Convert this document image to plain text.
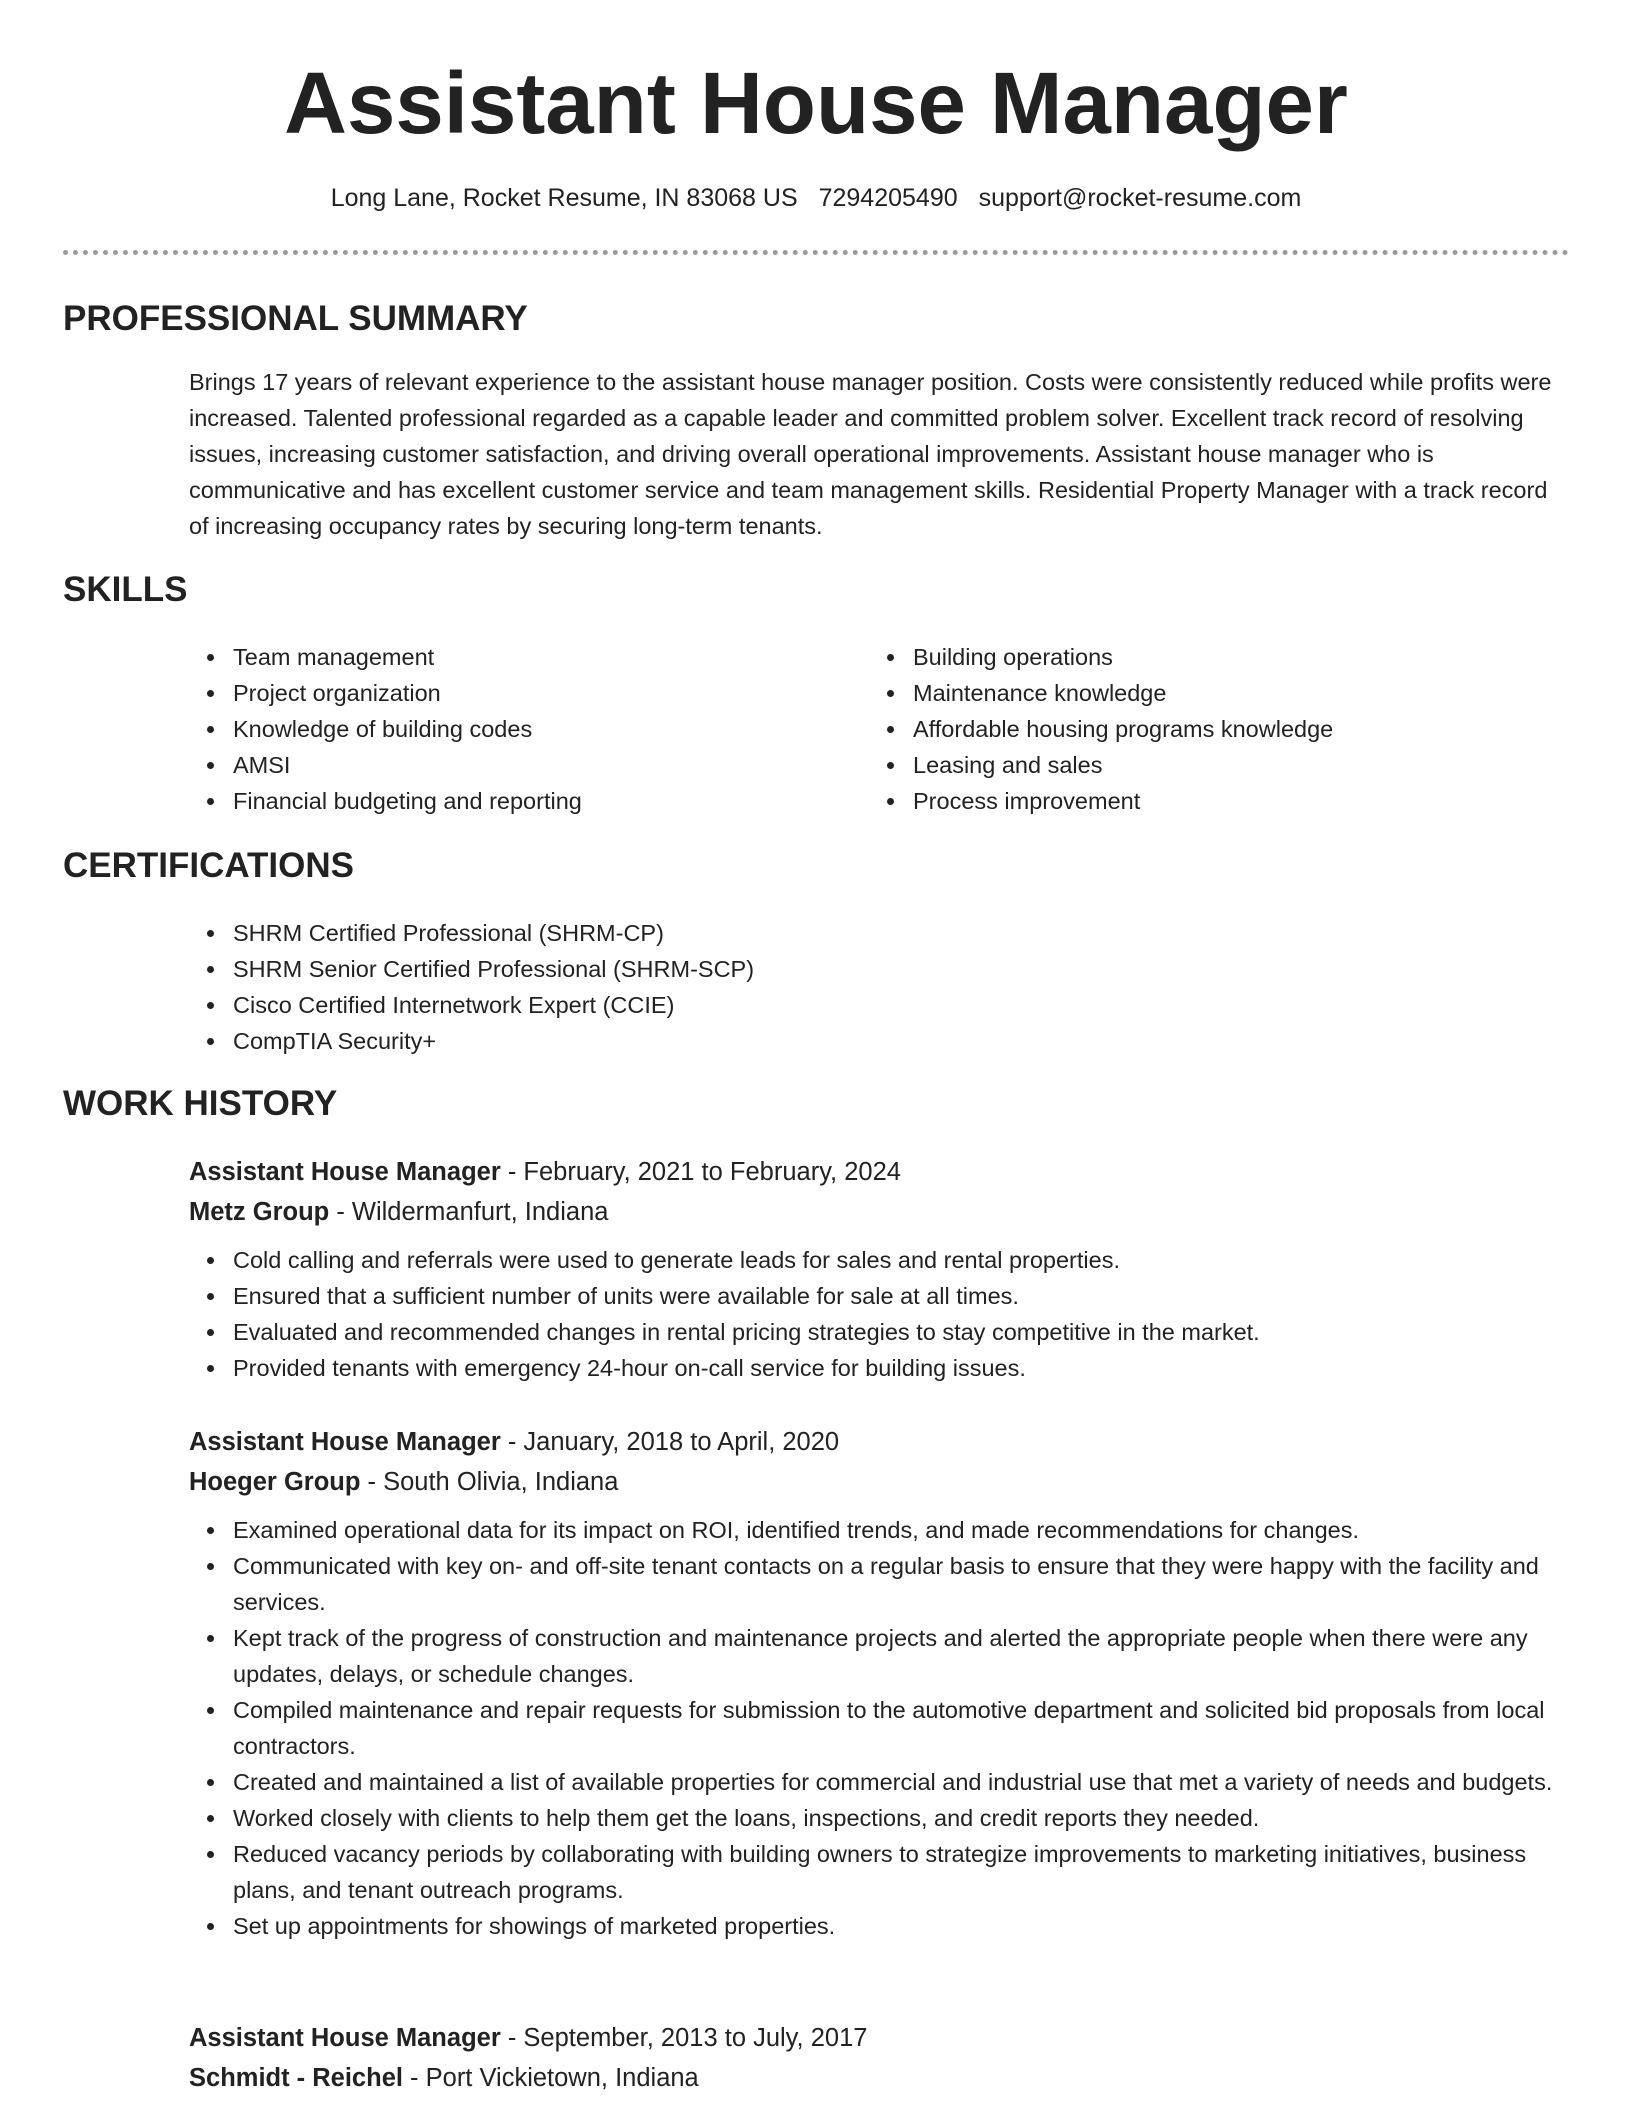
Assistant House Manager
Long Lane, Rocket Resume, IN 83068 US 7294205490 support@rocket-resume.com
PROFESSIONAL SUMMARY

Brings 17 years of relevant experience to the assistant house manager position. Costs were consistently reduced while profits were increased. Talented professional regarded as a capable leader and committed problem solver. Excellent track record of resolving issues, increasing customer satisfaction, and driving overall operational improvements. Assistant house manager who is communicative and has excellent customer service and team management skills. Residential Property Manager with a track record of increasing occupancy rates by securing long-term tenants.

SKILLS
Team management
Project organization
Knowledge of building codes
AMSI
Financial budgeting and reporting
Building operations
Maintenance knowledge
Affordable housing programs knowledge
Leasing and sales
Process improvement
CERTIFICATIONS
SHRM Certified Professional (SHRM-CP)
SHRM Senior Certified Professional (SHRM-SCP)
Cisco Certified Internetwork Expert (CCIE)
CompTIA Security+
WORK HISTORY
Assistant House Manager - February, 2021 to February, 2024
Metz Group - Wildermanfurt, Indiana
Cold calling and referrals were used to generate leads for sales and rental properties.
Ensured that a sufficient number of units were available for sale at all times.
Evaluated and recommended changes in rental pricing strategies to stay competitive in the market.
Provided tenants with emergency 24-hour on-call service for building issues.
Assistant House Manager - January, 2018 to April, 2020
Hoeger Group - South Olivia, Indiana
Examined operational data for its impact on ROI, identified trends, and made recommendations for changes.
Communicated with key on- and off-site tenant contacts on a regular basis to ensure that they were happy with the facility and services.
Kept track of the progress of construction and maintenance projects and alerted the appropriate people when there were any updates, delays, or schedule changes.
Compiled maintenance and repair requests for submission to the automotive department and solicited bid proposals from local contractors.
Created and maintained a list of available properties for commercial and industrial use that met a variety of needs and budgets.
Worked closely with clients to help them get the loans, inspections, and credit reports they needed.
Reduced vacancy periods by collaborating with building owners to strategize improvements to marketing initiatives, business plans, and tenant outreach programs.
Set up appointments for showings of marketed properties.
Assistant House Manager - September, 2013 to July, 2017
Schmidt - Reichel - Port Vickietown, Indiana
